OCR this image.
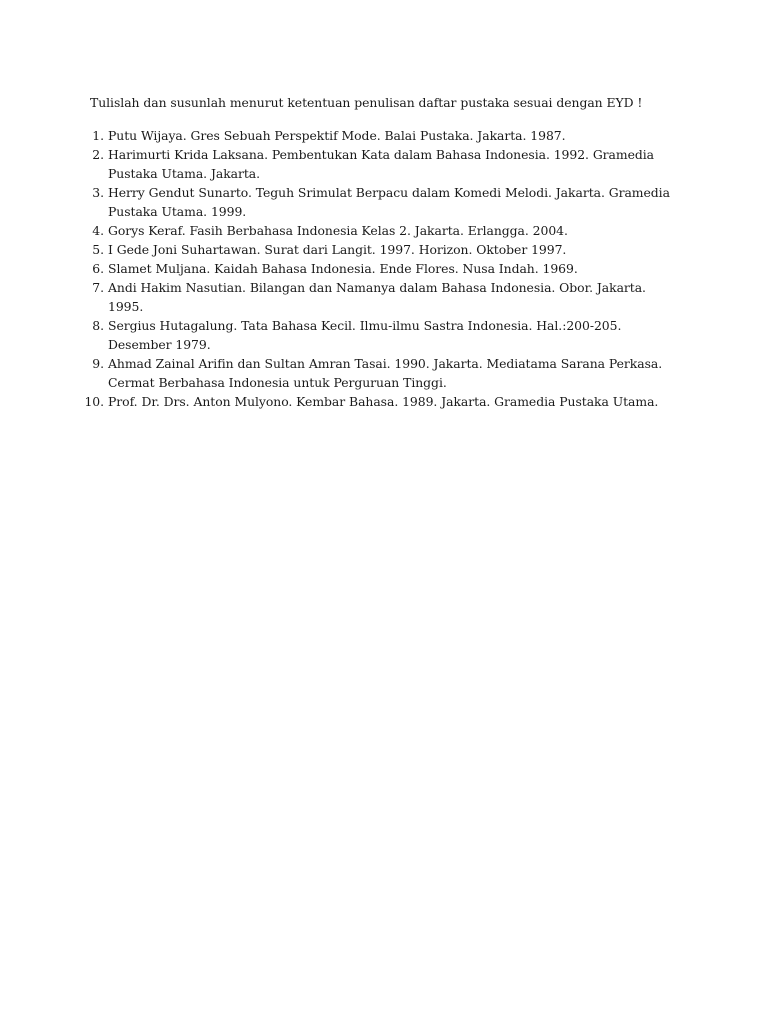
Tulislah dan susunlah menurut ketentuan penulisan daftar pustaka sesuai dengan EYD !

1. Putu Wijaya. Gres Sebuah Perspektif Mode. Balai Pustaka. Jakarta. 1987.
2. Harimurti Krida Laksana. Pembentukan Kata dalam Bahasa Indonesia. 1992. Gramedia Pustaka Utama. Jakarta.
3. Herry Gendut Sunarto. Teguh Srimulat Berpacu dalam Komedi Melodi. Jakarta. Gramedia Pustaka Utama. 1999.
4. Gorys Keraf. Fasih Berbahasa Indonesia Kelas 2. Jakarta. Erlangga. 2004.
5. I Gede Joni Suhartawan. Surat dari Langit. 1997. Horizon. Oktober 1997.
6. Slamet Muljana. Kaidah Bahasa Indonesia. Ende Flores. Nusa Indah. 1969.
7. Andi Hakim Nasutian. Bilangan dan Namanya dalam Bahasa Indonesia. Obor. Jakarta. 1995.
8. Sergius Hutagalung. Tata Bahasa Kecil. Ilmu-ilmu Sastra Indonesia. Hal.:200-205. Desember 1979.
9. Ahmad Zainal Arifin dan Sultan Amran Tasai. 1990. Jakarta. Mediatama Sarana Perkasa. Cermat Berbahasa Indonesia untuk Perguruan Tinggi.
10. Prof. Dr. Drs. Anton Mulyono. Kembar Bahasa. 1989. Jakarta. Gramedia Pustaka Utama.
